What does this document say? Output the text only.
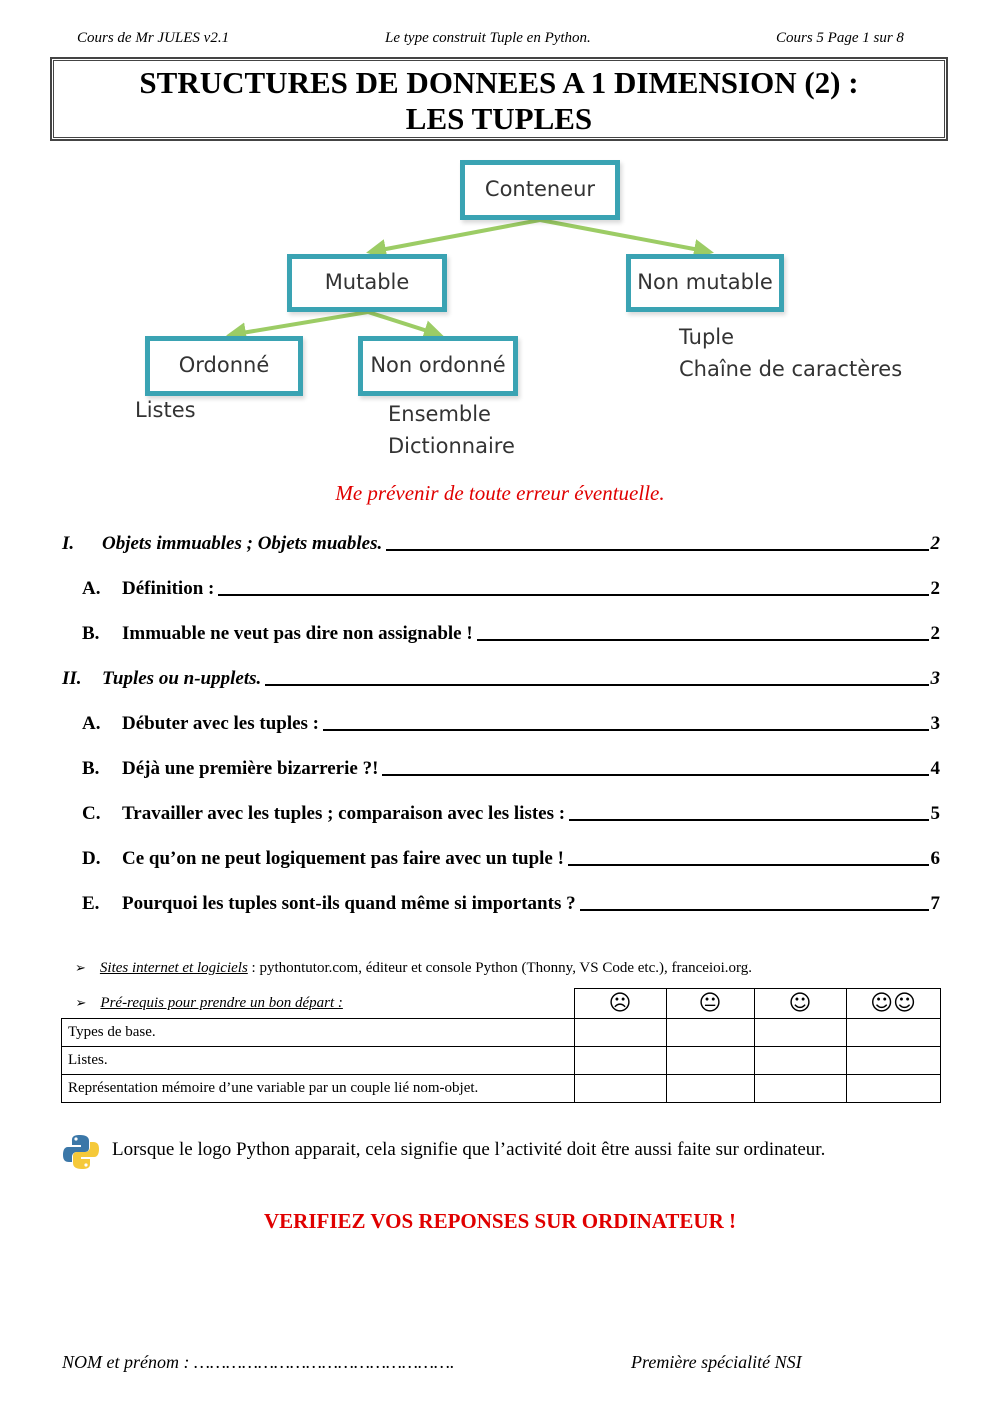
Cours de Mr JULES v2.1	Le type construit Tuple en Python.	Cours 5 Page 1 sur 8
STRUCTURES DE DONNEES A 1 DIMENSION (2) :
LES TUPLES
Conteneur
Mutable	Non mutable
Ordonné	Non ordonné
Listes	Ensemble
Dictionnaire
Tuple
Chaîne de caractères
Me prévenir de toute erreur éventuelle.
I.	Objets immuables ; Objets muables.	2
A.	Définition :	2
B.	Immuable ne veut pas dire non assignable !	2
II.	Tuples ou n-upplets.	3
A.	Débuter avec les tuples :	3
B.	Déjà une première bizarrerie ?!	4
C.	Travailler avec les tuples ; comparaison avec les listes :	5
D.	Ce qu’on ne peut logiquement pas faire avec un tuple !	6
E.	Pourquoi les tuples sont-ils quand même si importants ?	7
➢ Sites internet et logiciels : pythontutor.com, éditeur et console Python (Thonny, VS Code etc.), franceioi.org.
➢ Pré-requis pour prendre un bon départ :	☹	😐	☺	☺☺
Types de base.				
Listes.				
Représentation mémoire d’une variable par un couple lié nom-objet.				
Lorsque le logo Python apparait, cela signifie que l’activité doit être aussi faite sur ordinateur.
VERIFIEZ VOS REPONSES SUR ORDINATEUR !
NOM et prénom : ………………………………………….	Première spécialité NSI
